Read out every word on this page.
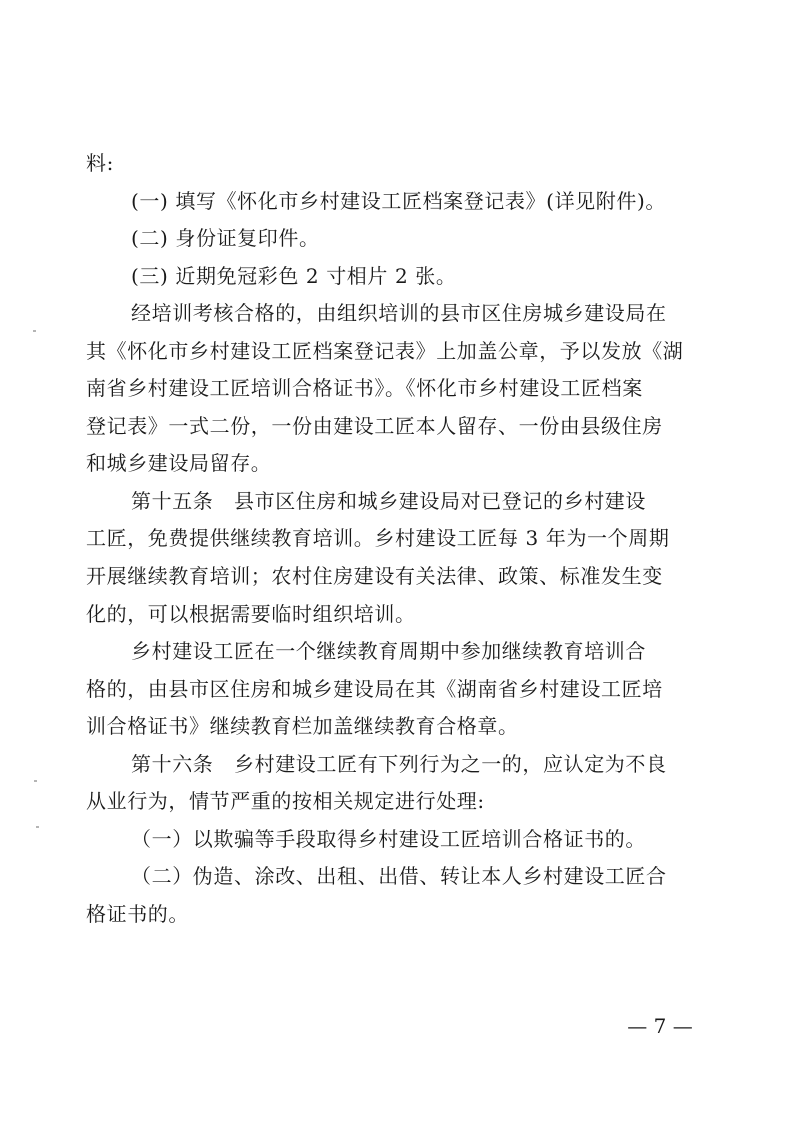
料:
(一) 填写《怀化市乡村建设工匠档案登记表》(详见附件)。
(二) 身份证复印件。
(三) 近期免冠彩色 2 寸相片 2 张。
经培训考核合格的，由组织培训的县市区住房城乡建设局在
其《怀化市乡村建设工匠档案登记表》上加盖公章，予以发放《湖
南省乡村建设工匠培训合格证书》。《怀化市乡村建设工匠档案
登记表》一式二份，一份由建设工匠本人留存、一份由县级住房
和城乡建设局留存。
第十五条　县市区住房和城乡建设局对已登记的乡村建设
工匠，免费提供继续教育培训。乡村建设工匠每 3 年为一个周期
开展继续教育培训；农村住房建设有关法律、政策、标准发生变
化的，可以根据需要临时组织培训。
乡村建设工匠在一个继续教育周期中参加继续教育培训合
格的，由县市区住房和城乡建设局在其《湖南省乡村建设工匠培
训合格证书》继续教育栏加盖继续教育合格章。
第十六条　乡村建设工匠有下列行为之一的，应认定为不良
从业行为，情节严重的按相关规定进行处理:
（一）以欺骗等手段取得乡村建设工匠培训合格证书的。
（二）伪造、涂改、出租、出借、转让本人乡村建设工匠合
格证书的。
— 7 —
